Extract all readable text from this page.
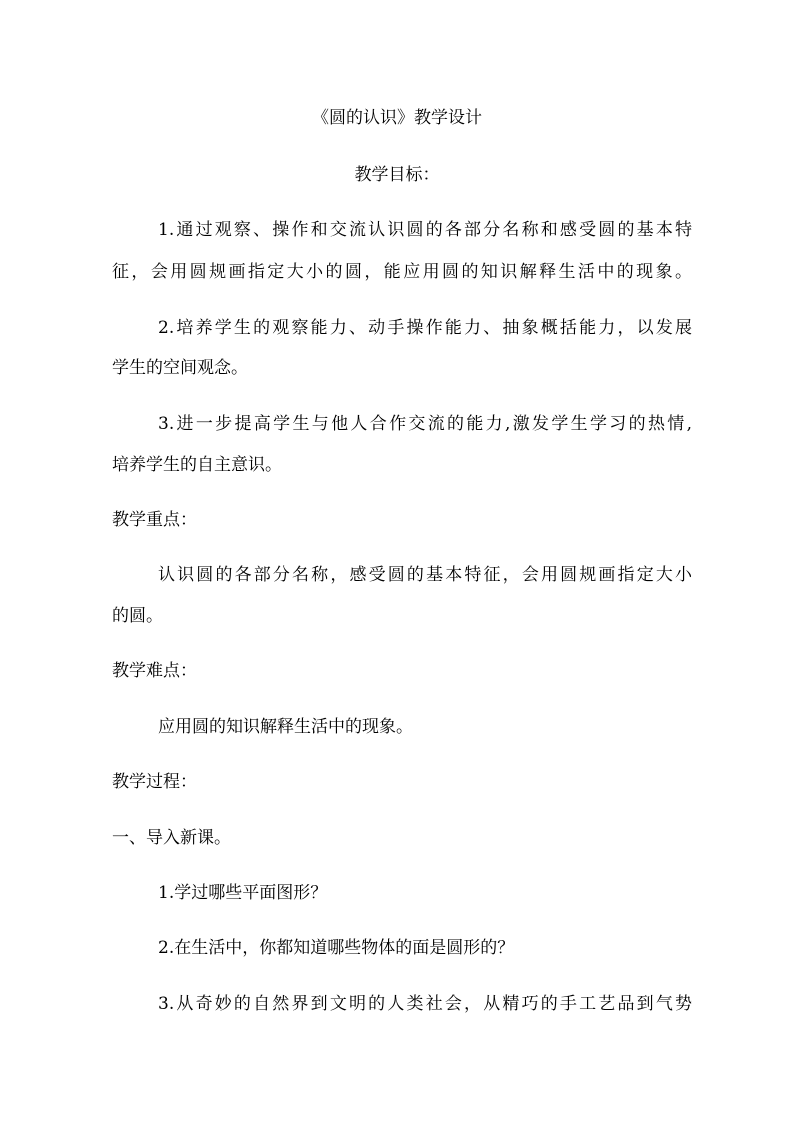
《圆的认识》教学设计
教学目标：
1.通过观察、操作和交流认识圆的各部分名称和感受圆的基本特
征，会用圆规画指定大小的圆，能应用圆的知识解释生活中的现象。
2.培养学生的观察能力、动手操作能力、抽象概括能力，以发展
学生的空间观念。
3.进一步提高学生与他人合作交流的能力,激发学生学习的热情,
培养学生的自主意识。
教学重点：
认识圆的各部分名称，感受圆的基本特征，会用圆规画指定大小
的圆。
教学难点：
应用圆的知识解释生活中的现象。
教学过程：
一、导入新课。
1.学过哪些平面图形？
2.在生活中，你都知道哪些物体的面是圆形的？
3.从奇妙的自然界到文明的人类社会，从精巧的手工艺品到气势
